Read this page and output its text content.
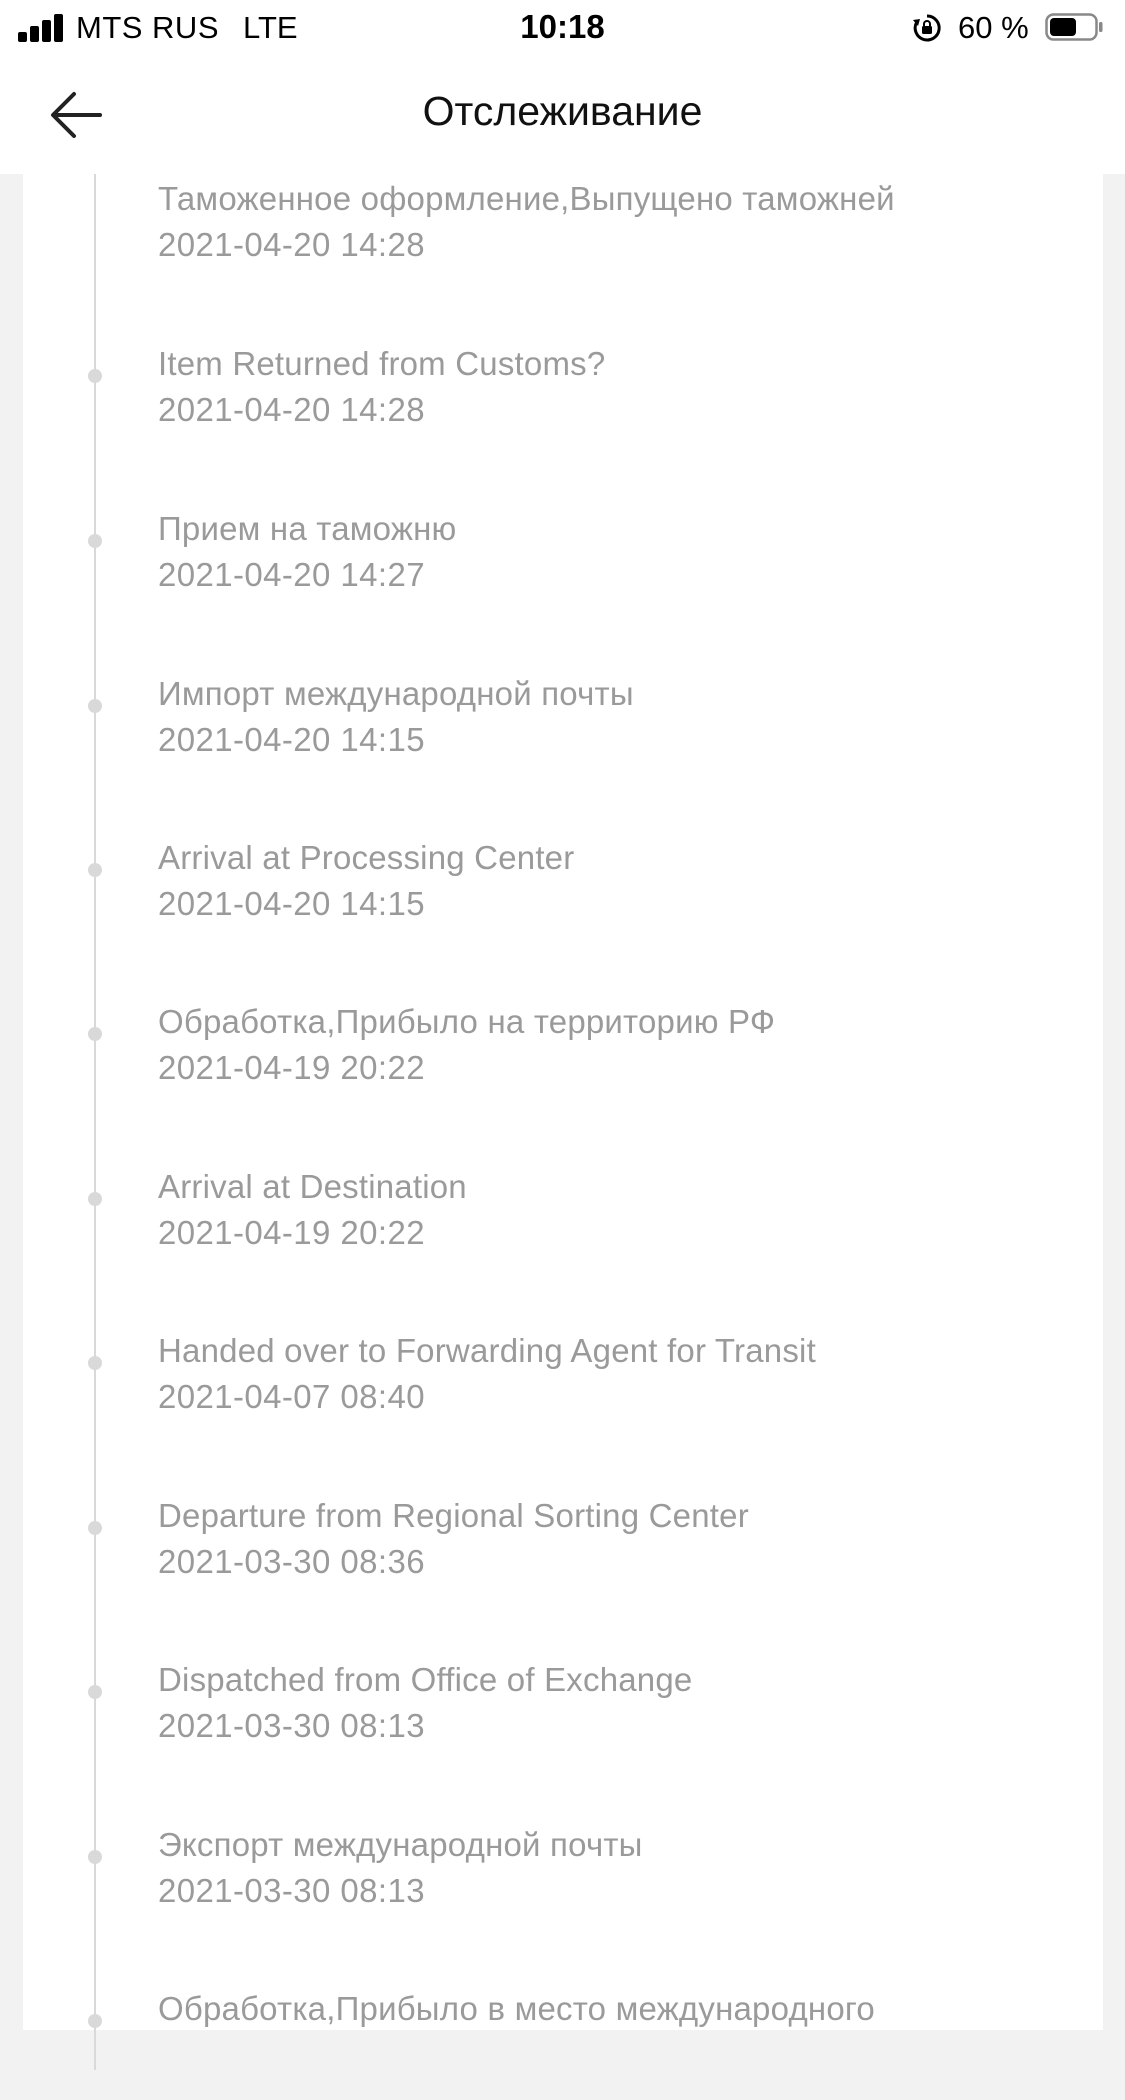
Таможенное оформление,Выпущено таможней
2021-04-20 14:28
Item Returned from Customs?
2021-04-20 14:28
Прием на таможню
2021-04-20 14:27
Импорт международной почты
2021-04-20 14:15
Arrival at Processing Center
2021-04-20 14:15
Обработка,Прибыло на территорию РФ
2021-04-19 20:22
Arrival at Destination
2021-04-19 20:22
Handed over to Forwarding Agent for Transit
2021-04-07 08:40
Departure from Regional Sorting Center
2021-03-30 08:36
Dispatched from Office of Exchange
2021-03-30 08:13
Экспорт международной почты
2021-03-30 08:13
Обработка,Прибыло в место международного
MTS RUS LTE	10:18	60 %
Отслеживание
